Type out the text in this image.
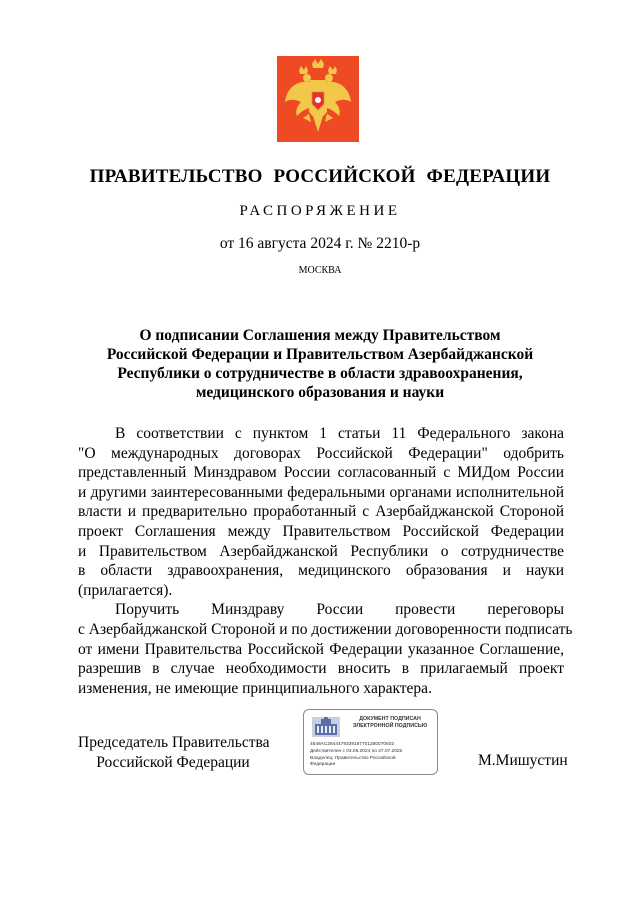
ПРАВИТЕЛЬСТВО РОССИЙСКОЙ ФЕДЕРАЦИИ
РАСПОРЯЖЕНИЕ
от 16 августа 2024 г. № 2210-р
МОСКВА
О подписании Соглашения между Правительством
Российской Федерации и Правительством Азербайджанской
Республики о сотрудничестве в области здравоохранения,
медицинского образования и науки
В соответствии с пунктом 1 статьи 11 Федерального закона
"О международных договорах Российской Федерации" одобрить
представленный Минздравом России согласованный с МИДом России
и другими заинтересованными федеральными органами исполнительной
власти и предварительно проработанный с Азербайджанской Стороной
проект Соглашения между Правительством Российской Федерации
и Правительством Азербайджанской Республики о сотрудничестве
в области здравоохранения, медицинского образования и науки
(прилагается).
Поручить Минздраву России провести переговоры
с Азербайджанской Стороной и по достижении договоренности подписать
от имени Правительства Российской Федерации указанное Соглашение,
разрешив в случае необходимости вносить в прилагаемый проект
изменения, не имеющие принципиального характера.
Председатель Правительства
Российской Федерации
ДОКУМЕНТ ПОДПИСАН
ЭЛЕКТРОННОЙ ПОДПИСЬЮ
4648AC2844479339187701280070602
Действителен с 03.05.2024 по 27.07.2025
Владелец: Правительство Российской
Федерации	М.Мишустин
